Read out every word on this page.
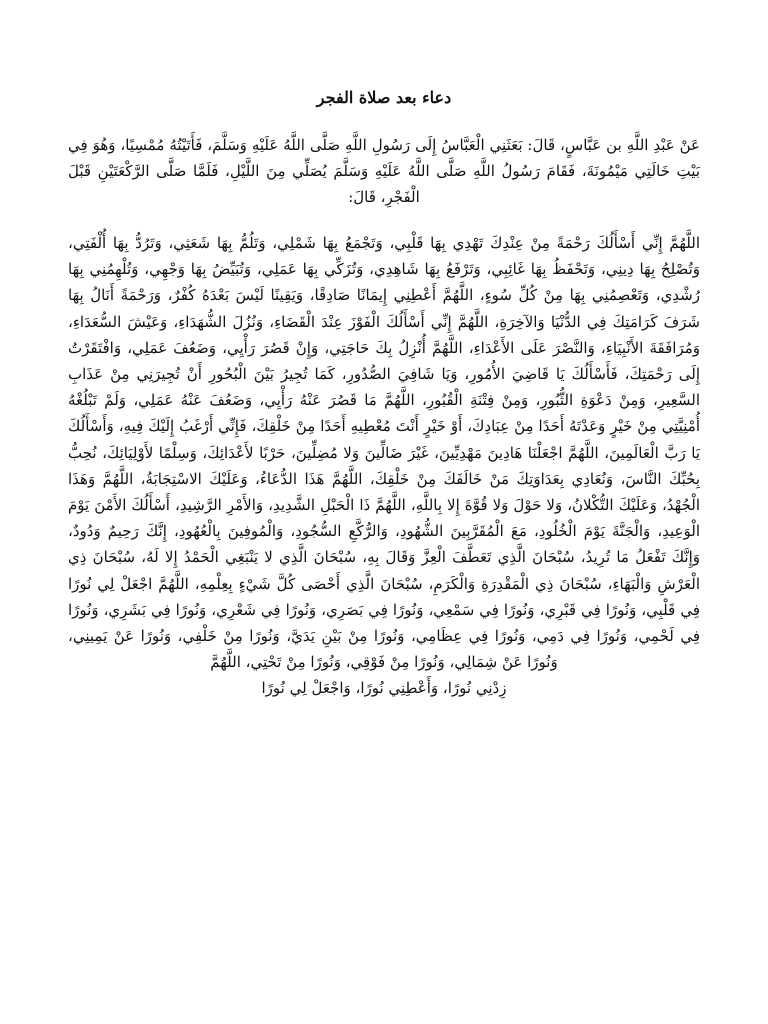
دعاء بعد صلاة الفجر

عَنْ عَبْدِ اللَّهِ بن عَبَّاسٍ، قَالَ: بَعَثَنِي الْعَبَّاسُ إِلَى رَسُولِ اللَّهِ صَلَّى اللَّهُ عَلَيْهِ وَسَلَّمَ، فَأَتَيْتُهُ مُمْسِيًا، وَهُوَ فِي بَيْتِ خَالَتِي مَيْمُونَةَ، فَقَامَ رَسُولُ اللَّهِ صَلَّى اللَّهُ عَلَيْهِ وَسَلَّمَ يُصَلِّي مِنَ اللَّيْلِ، فَلَمَّا صَلَّى الرَّكْعَتَيْنِ قَبْلَ الْفَجْرِ، قَالَ:

اللَّهُمَّ إِنِّي أَسْأَلُكَ رَحْمَةً مِنْ عِنْدِكَ تَهْدِي بِهَا قَلْبِي، وَتَجْمَعُ بِهَا شَمْلِي، وَتَلُمُّ بِهَا شَعَثِي، وَتَرُدُّ بِهَا أُلْفَتِي، وَتُصْلِحُ بِهَا دِينِي، وَتَحْفَظُ بِهَا غَائِبِي، وَتَرْفَعُ بِهَا شَاهِدِي، وَتُزَكِّي بِهَا عَمَلِي، وَتُبَيِّضُ بِهَا وَجْهِي، وَتُلْهِمُنِي بِهَا رُشْدِي، وَتَعْصِمُنِي بِهَا مِنْ كُلِّ سُوءٍ، اللَّهُمَّ أَعْطِنِي إِيمَانًا صَادِقًا، وَيَقِينًا لَيْسَ بَعْدَهُ كُفْرٌ، وَرَحْمَةً أَنَالُ بِهَا شَرَفَ كَرَامَتِكَ فِي الدُّنْيَا وَالآخِرَةِ، اللَّهُمَّ إِنِّي أَسْأَلُكَ الْفَوْزَ عِنْدَ الْقَضَاءِ، وَنُزُلَ الشُّهَدَاءِ، وَعَيْشَ السُّعَدَاءِ، وَمُرَافَقَةَ الأَنْبِيَاءِ، وَالنَّصْرَ عَلَى الأَعْدَاءِ، اللَّهُمَّ أُنْزِلُ بِكَ حَاجَتِي، وَإِنْ قَصُرَ رَأْيِي، وَضَعُفَ عَمَلِي، وَافْتَقَرْتُ إِلَى رَحْمَتِكَ، فَأَسْأَلُكَ يَا قَاضِيَ الأُمُورِ، وَيَا شَافِيَ الصُّدُورِ، كَمَا تُجِيرُ بَيْنَ الْبُحُورِ أَنْ تُجِيرَنِي مِنْ عَذَابِ السَّعِيرِ، وَمِنْ دَعْوَةِ الثُّبُورِ، وَمِنْ فِتْنَةِ الْقُبُورِ، اللَّهُمَّ مَا قَصُرَ عَنْهُ رَأْيِي، وَضَعُفَ عَنْهُ عَمَلِي، وَلَمْ تَبْلُغْهُ أُمْنِيَّتِي مِنْ خَيْرٍ وَعَدْتَهُ أَحَدًا مِنْ عِبَادِكَ، أَوْ خَيْرٍ أَنْتَ مُعْطِيهِ أَحَدًا مِنْ خَلْقِكَ، فَإِنِّي أَرْغَبُ إِلَيْكَ فِيهِ، وَأَسْأَلُكَ يَا رَبَّ الْعَالَمِينَ، اللَّهُمَّ اجْعَلْنَا هَادِينَ مَهْدِيِّينَ، غَيْرَ ضَالِّينَ وَلا مُضِلِّينَ، حَرْبًا لأَعْدَائِكَ، وَسِلْمًا لأَوْلِيَائِكَ، نُحِبُّ بِحُبِّكَ النَّاسَ، وَنُعَادِي بِعَدَاوَتِكَ مَنْ خَالَفَكَ مِنْ خَلْقِكَ، اللَّهُمَّ هَذَا الدُّعَاءُ، وَعَلَيْكَ الاسْتِجَابَةُ، اللَّهُمَّ وَهَذَا الْجُهْدُ، وَعَلَيْكَ التُّكْلانُ، وَلا حَوْلَ وَلا قُوَّةَ إِلا بِاللَّهِ، اللَّهُمَّ ذَا الْحَبْلِ الشَّدِيدِ، وَالأَمْرِ الرَّشِيدِ، أَسْأَلُكَ الأَمْنَ يَوْمَ الْوَعِيدِ، وَالْجَنَّةَ يَوْمَ الْخُلُودِ، مَعَ الْمُقَرَّبِينَ الشُّهُودِ، وَالرُّكَّعِ السُّجُودِ، وَالْمُوفِينَ بِالْعُهُودِ، إِنَّكَ رَحِيمٌ وَدُودٌ، وَإِنَّكَ تَفْعَلُ مَا تُرِيدُ، سُبْحَانَ الَّذِي تَعَطَّفَ الْعِزَّ وَقَالَ بِهِ، سُبْحَانَ الَّذِي لا يَنْبَغِي الْحَمْدُ إِلا لَهُ، سُبْحَانَ ذِي الْعَرْشِ وَالْبَهَاءِ، سُبْحَانَ ذِي الْمَقْدِرَةِ وَالْكَرَمِ، سُبْحَانَ الَّذِي أَحْصَى كُلَّ شَيْءٍ بِعِلْمِهِ، اللَّهُمَّ اجْعَلْ لِي نُورًا فِي قَلْبِي، وَنُورًا فِي قَبْرِي، وَنُورًا فِي سَمْعِي، وَنُورًا فِي بَصَرِي، وَنُورًا فِي شَعْرِي، وَنُورًا فِي بَشَرِي، وَنُورًا فِي لَحْمِي، وَنُورًا فِي دَمِي، وَنُورًا فِي عِظَامِي، وَنُورًا مِنْ بَيْنِ يَدَيَّ، وَنُورًا مِنْ خَلْفِي، وَنُورًا عَنْ يَمِينِي، وَنُورًا عَنْ شِمَالِي، وَنُورًا مِنْ فَوْقِي، وَنُورًا مِنْ تَحْتِي، اللَّهُمَّ

زِدْنِي نُورًا، وَأَعْطِنِي نُورًا، وَاجْعَلْ لِي نُورًا
